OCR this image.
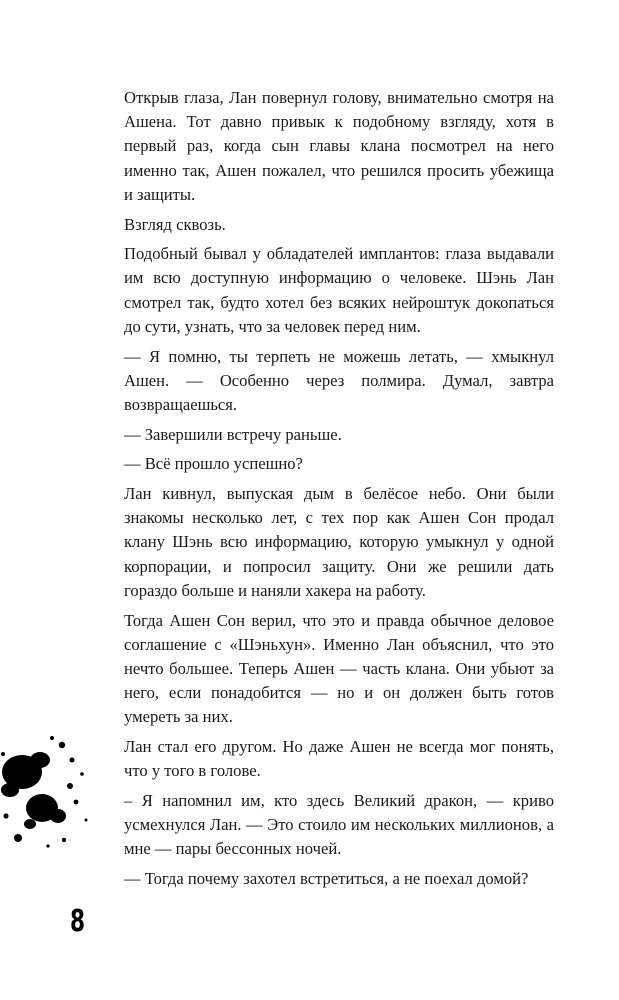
Открыв глаза, Лан повернул голову, внимательно смотря на Ашена. Тот давно привык к подобному взгляду, хотя в первый раз, когда сын главы клана посмотрел на него именно так, Ашен пожалел, что решился просить убежища и защиты.

Взгляд сквозь.

Подобный бывал у обладателей имплантов: глаза выдавали им всю доступную информацию о человеке. Шэнь Лан смотрел так, будто хотел без всяких нейроштук докопаться до сути, узнать, что за человек перед ним.

— Я помню, ты терпеть не можешь летать, — хмыкнул Ашен. — Особенно через полмира. Думал, завтра возвращаешься.

— Завершили встречу раньше.

— Всё прошло успешно?

Лан кивнул, выпуская дым в белёсое небо. Они были знакомы несколько лет, с тех пор как Ашен Сон продал клану Шэнь всю информацию, которую умыкнул у одной корпорации, и попросил защиту. Они же решили дать гораздо больше и наняли хакера на работу.

Тогда Ашен Сон верил, что это и правда обычное деловое соглашение с «Шэньхун». Именно Лан объяснил, что это нечто большее. Теперь Ашен — часть клана. Они убьют за него, если понадобится — но и он должен быть готов умереть за них.

Лан стал его другом. Но даже Ашен не всегда мог понять, что у того в голове.

– Я напомнил им, кто здесь Великий дракон, — криво усмехнулся Лан. — Это стоило им нескольких миллионов, а мне — пары бессонных ночей.

— Тогда почему захотел встретиться, а не поехал домой?

8
